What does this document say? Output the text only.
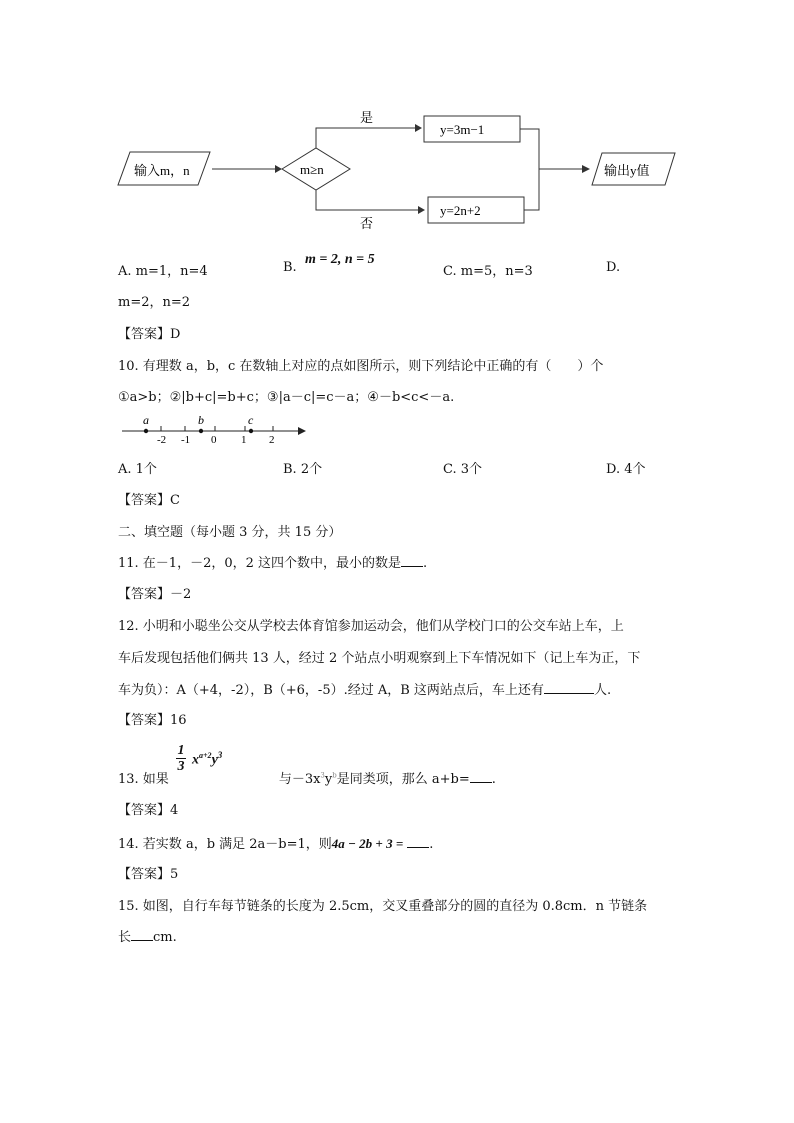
输入m，n	m≥n
是
否
y=3m−1
y=2n+2
输出y值
A. m=1，n=4	B.
m = 2, n = 5
C. m=5，n=3	D.
m=2，n=2
【答案】D
10. 有理数 a，b，c 在数轴上对应的点如图所示，则下列结论中正确的有（　　）个
①a>b；②|b+c|=b+c；③|a－c|=c－a；④－b<c<－a.
-2 -1 0 1 2
a	b	c
A. 1个	B. 2个	C. 3个	D. 4个
【答案】C
二、填空题（每小题 3 分，共 15 分）
11. 在－1，－2，0，2 这四个数中，最小的数是 .
【答案】－2
12. 小明和小聪坐公交从学校去体育馆参加运动会，他们从学校门口的公交车站上车，上
车后发现包括他们俩共 13 人，经过 2 个站点小明观察到上下车情况如下（记上车为正，下
车为负）：A（+4，-2），B（+6，-5）.经过 A，B 这两站点后，车上还有	人.
【答案】16
13. 如果	与$-3x^3y^b$是同类项，那么 a+b= .
1
3 $x^{a+2}y^3$
【答案】4
14. 若实数 a，b 满足 2a－b=1，则4a − 2b + 3 = .
【答案】5
15. 如图，自行车每节链条的长度为 2.5cm，交叉重叠部分的圆的直径为 0.8cm．n 节链条
长 cm.
